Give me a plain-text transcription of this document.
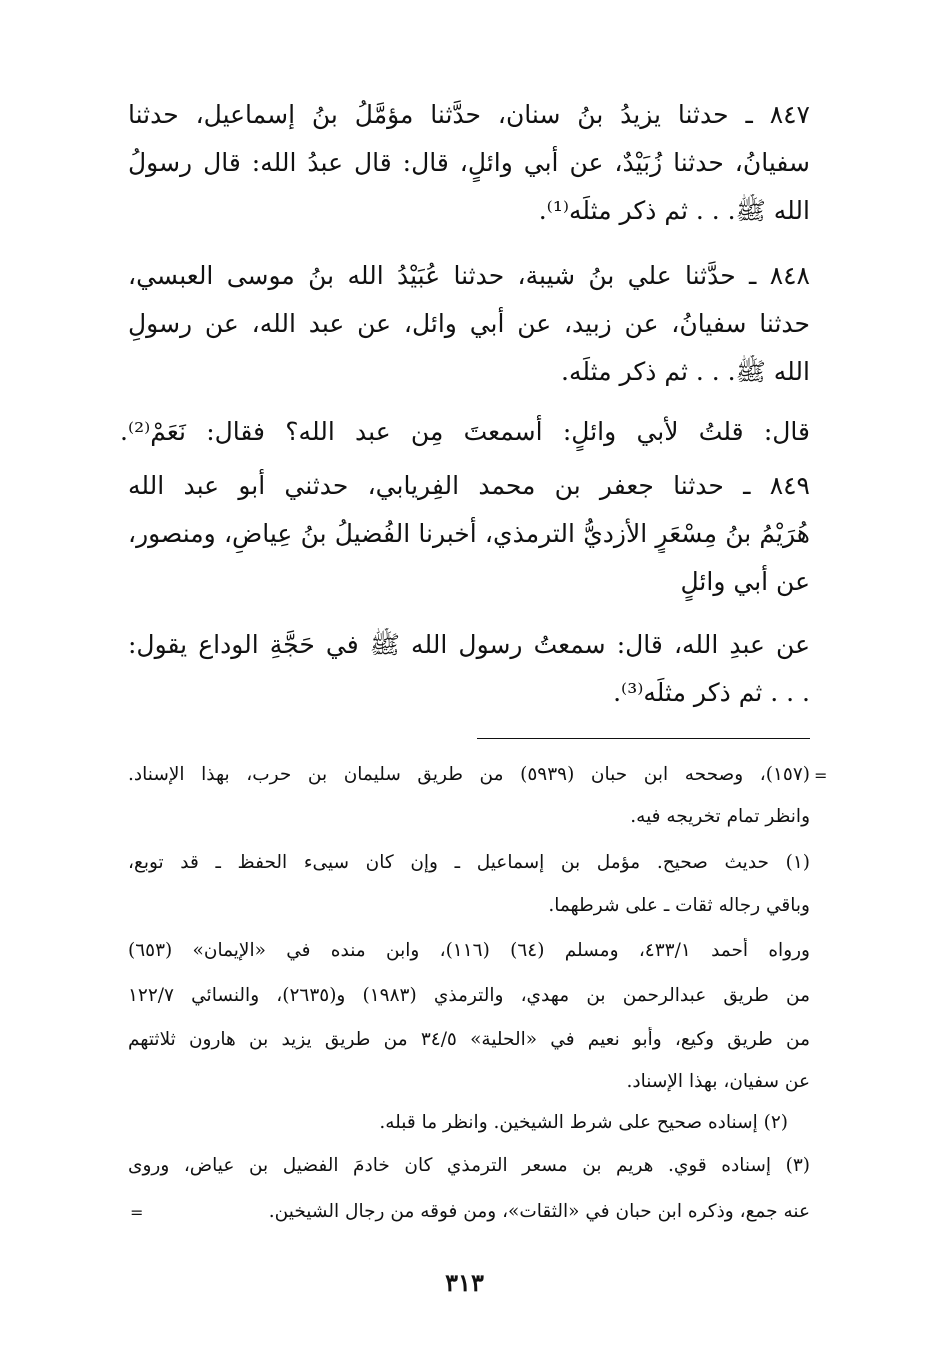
٨٤٧ ـ حدثنا يزيدُ بنُ سنان، حدَّثنا مؤمَّلُ بنُ إسماعيل، حدثنا
سفيانُ، حدثنا زُبَيْدٌ، عن أبي وائلٍ، قال: قال عبدُ الله: قال رسولُ
الله ﷺ. . . ثم ذكر مثلَه⁽¹⁾.
٨٤٨ ـ حدَّثنا علي بنُ شيبة، حدثنا عُبَيْدُ الله بنُ موسى العبسي،
حدثنا سفيانُ، عن زبيد، عن أبي وائل، عن عبد الله، عن رسولِ
الله ﷺ. . . ثم ذكر مثلَه.
قال: قلتُ لأبي وائلٍ: أسمعتَ مِن عبد الله؟ فقال: نَعَمْ⁽²⁾.
٨٤٩ ـ حدثنا جعفر بن محمد الفِريابي، حدثني أبو عبد الله
هُرَيْمُ بنُ مِسْعَرٍ الأزديُّ الترمذي، أخبرنا الفُضيلُ بنُ عِياضٍ، ومنصور،
عن أبي وائلٍ
عن عبدِ الله، قال: سمعتُ رسول الله ﷺ في حَجَّةِ الوداع يقول:
. . . ثم ذكر مثلَه⁽³⁾.
(١٥٧)، وصححه ابن حبان (٥٩٣٩) من طريق سليمان بن حرب، بهذا الإسناد.
وانظر تمام تخريجه فيه.
(١) حديث صحيح. مؤمل بن إسماعيل ـ وإن كان سيىء الحفظ ـ قد توبع،
وباقي رجاله ثقات ـ على شرطهما.
ورواه أحمد ٤٣٣/١، ومسلم (٦٤) (١١٦)، وابن منده في «الإيمان» (٦٥٣)
من طريق عبدالرحمن بن مهدي، والترمذي (١٩٨٣) و(٢٦٣٥)، والنسائي ١٢٢/٧
من طريق وكيع، وأبو نعيم في «الحلية» ٣٤/٥ من طريق يزيد بن هارون ثلاثتهم
عن سفيان، بهذا الإسناد.
(٢) إسناده صحيح على شرط الشيخين. وانظر ما قبله.
(٣) إسناده قوي. هريم بن مسعر الترمذي كان خادمَ الفضيل بن عياض، وروى
عنه جمع، وذكره ابن حبان في «الثقات»، ومن فوقه من رجال الشيخين.
=
=
٣١٣
